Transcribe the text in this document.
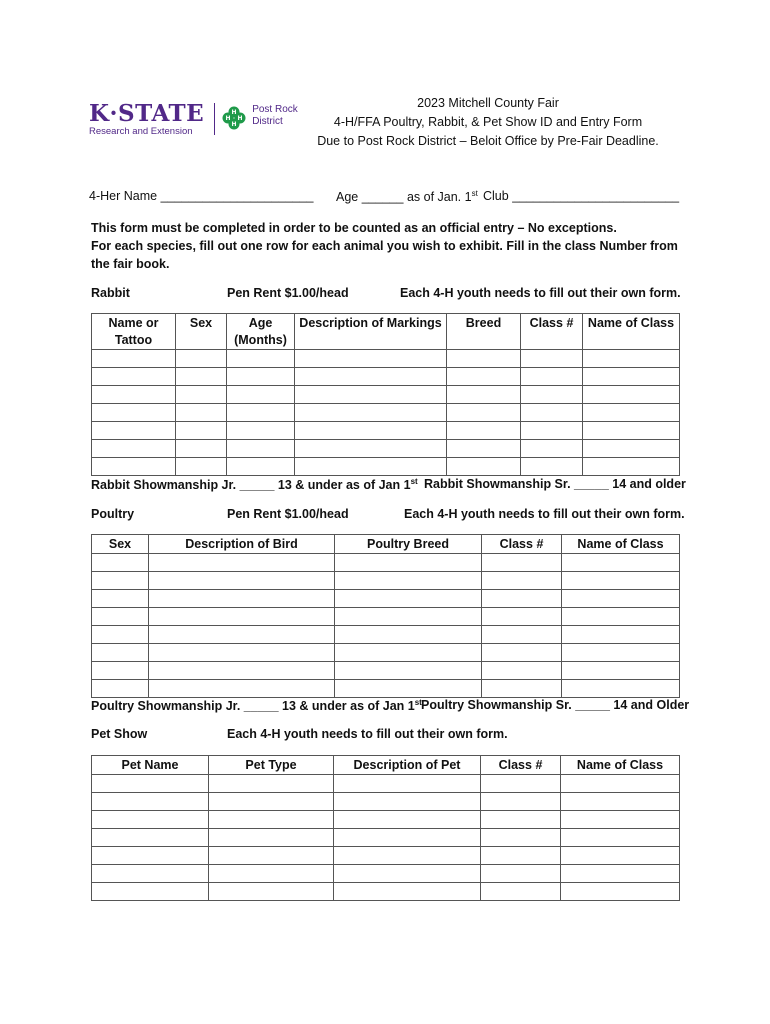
K·STATE
Research and Extension
H
H
H H
Post Rock
District
2023 Mitchell County Fair
4-H/FFA Poultry, Rabbit, & Pet Show ID and Entry Form
Due to Post Rock District – Beloit Office by Pre-Fair Deadline.
4-Her Name ______________________ Age ______ as of Jan. 1st Club ________________________
This form must be completed in order to be counted as an official entry – No exceptions.
For each species, fill out one row for each animal you wish to exhibit. Fill in the class Number from the fair book.
Rabbit	Pen Rent $1.00/head	Each 4-H youth needs to fill out their own form.
Name or Tattoo	Sex	Age (Months)	Description of Markings	Breed	Class #	Name of Class

Rabbit Showmanship Jr. _____ 13 & under as of Jan 1st Rabbit Showmanship Sr. _____ 14 and older
Poultry	Pen Rent $1.00/head	Each 4-H youth needs to fill out their own form.
Sex	Description of Bird	Poultry Breed	Class #	Name of Class

Poultry Showmanship Jr. _____ 13 & under as of Jan 1st Poultry Showmanship Sr. _____ 14 and Older
Pet Show	Each 4-H youth needs to fill out their own form.
Pet Name	Pet Type	Description of Pet	Class #	Name of Class
